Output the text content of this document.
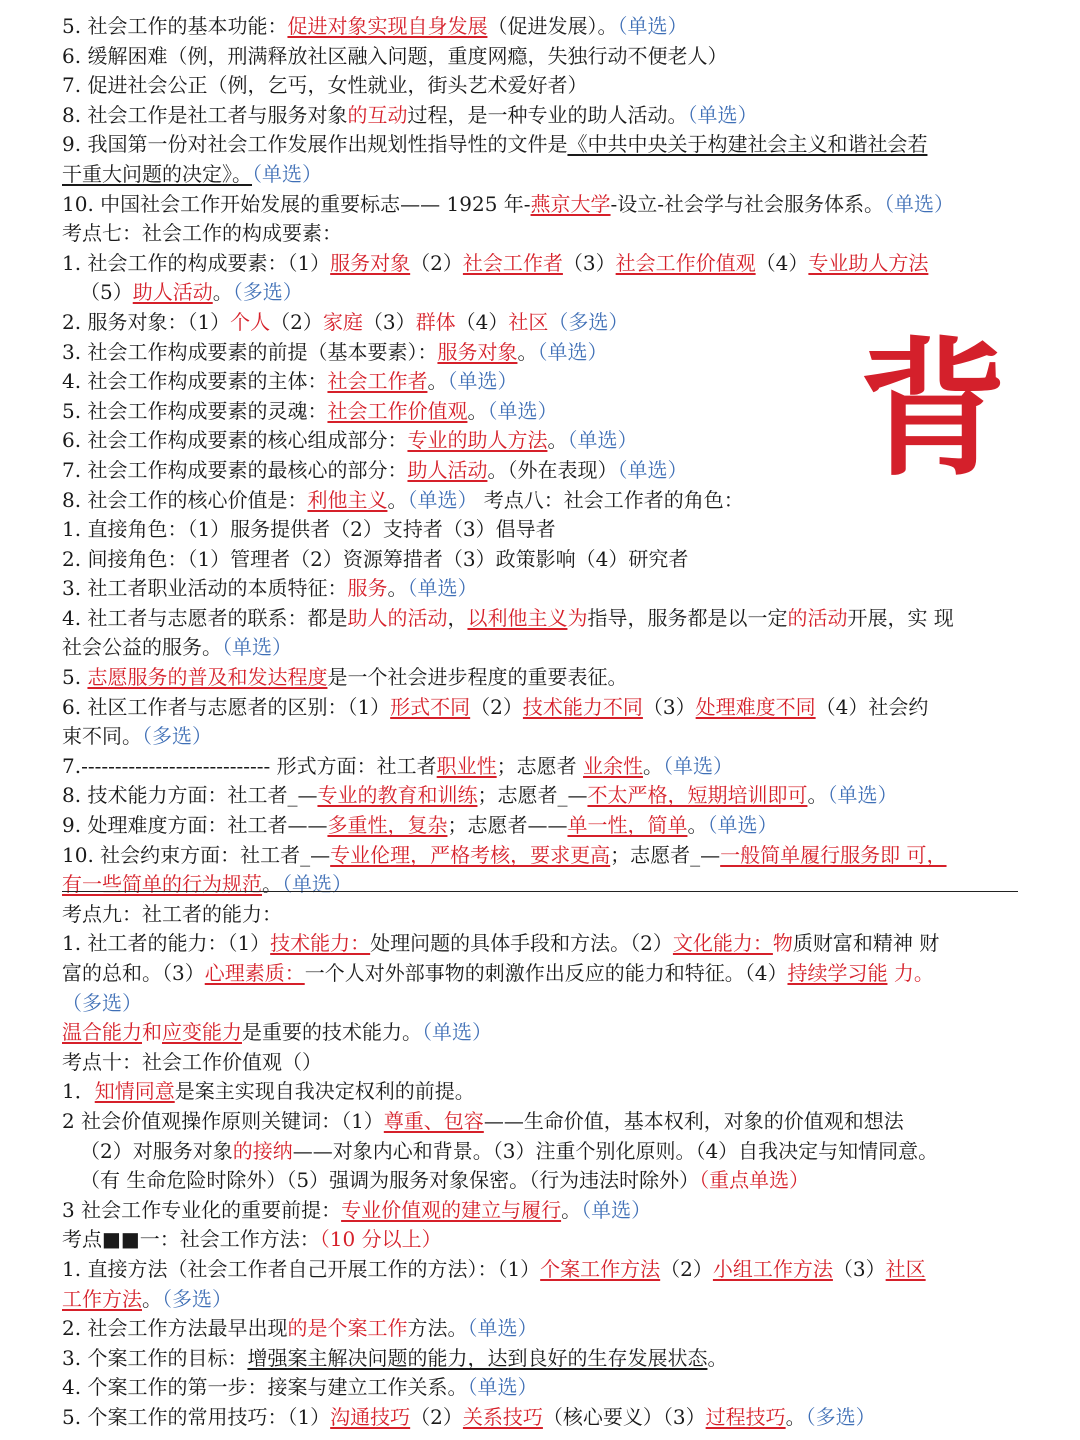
5. 社会工作的基本功能：促进对象实现自身发展（促进发展）。（单选）
6. 缓解困难（例，刑满释放社区融入问题，重度网瘾，失独行动不便老人）
7. 促进社会公正（例，乞丐，女性就业，街头艺术爱好者）
8. 社会工作是社工者与服务对象的互动过程，是一种专业的助人活动。（单选）
9. 我国第一份对社会工作发展作出规划性指导性的文件是《中共中央关于构建社会主义和谐社会若
干重大问题的决定》。（单选）
10. 中国社会工作开始发展的重要标志—— 1925 年-燕京大学-设立-社会学与社会服务体系。（单选）
考点七：社会工作的构成要素：
1. 社会工作的构成要素：（1）服务对象（2）社会工作者（3）社会工作价值观（4）专业助人方法
（5）助人活动。（多选）
2. 服务对象：（1）个人（2）家庭（3）群体（4）社区（多选）
3. 社会工作构成要素的前提（基本要素）：服务对象。（单选）
4. 社会工作构成要素的主体：社会工作者。（单选）
5. 社会工作构成要素的灵魂：社会工作价值观。（单选）
6. 社会工作构成要素的核心组成部分：专业的助人方法。（单选）
7. 社会工作构成要素的最核心的部分：助人活动。（外在表现）（单选）
8. 社会工作的核心价值是：利他主义。（单选） 考点八：社会工作者的角色：
1. 直接角色：（1）服务提供者（2）支持者（3）倡导者
2. 间接角色：（1）管理者（2）资源筹措者（3）政策影响（4）研究者
3. 社工者职业活动的本质特征：服务。（单选）
4. 社工者与志愿者的联系：都是助人的活动，以利他主义为指导，服务都是以一定的活动开展，实 现
社会公益的服务。（单选）
5. 志愿服务的普及和发达程度是一个社会进步程度的重要表征。
6. 社区工作者与志愿者的区别：（1）形式不同（2）技术能力不同（3）处理难度不同（4）社会约
束不同。（多选）
7.---------------------------- 形式方面：社工者职业性；志愿者 业余性。（单选）
8. 技术能力方面：社工者_—专业的教育和训练；志愿者_—不太严格，短期培训即可。（单选）
9. 处理难度方面：社工者——多重性，复杂；志愿者——单一性，简单。（单选）
10. 社会约束方面：社工者_—专业伦理，严格考核，要求更高；志愿者_—一般简单履行服务即 可，
有一些简单的行为规范。（单选）
考点九：社工者的能力：
1. 社工者的能力：（1）技术能力：处理问题的具体手段和方法。（2）文化能力：物质财富和精神 财
富的总和。（3）心理素质：一个人对外部事物的刺激作出反应的能力和特征。（4）持续学习能 力。
（多选）
温合能力和应变能力是重要的技术能力。（单选）
考点十：社会工作价值观（）
1．知情同意是案主实现自我决定权利的前提。
2 社会价值观操作原则关键词：（1）尊重、包容——生命价值，基本权利，对象的价值观和想法
（2）对服务对象的接纳——对象内心和背景。（3）注重个别化原则。（4）自我决定与知情同意。
（有 生命危险时除外）（5）强调为服务对象保密。（行为违法时除外）（重点单选）
3 社会工作专业化的重要前提：专业价值观的建立与履行。（单选）
考点■■一：社会工作方法：（10 分以上）
1. 直接方法（社会工作者自己开展工作的方法）：（1）个案工作方法（2）小组工作方法（3）社区
工作方法。（多选）
2. 社会工作方法最早出现的是个案工作方法。（单选）
3. 个案工作的目标：增强案主解决问题的能力，达到良好的生存发展状态。
4. 个案工作的第一步：接案与建立工作关系。（单选）
5. 个案工作的常用技巧：（1）沟通技巧（2）关系技巧（核心要义）（3）过程技巧。（多选）
背
